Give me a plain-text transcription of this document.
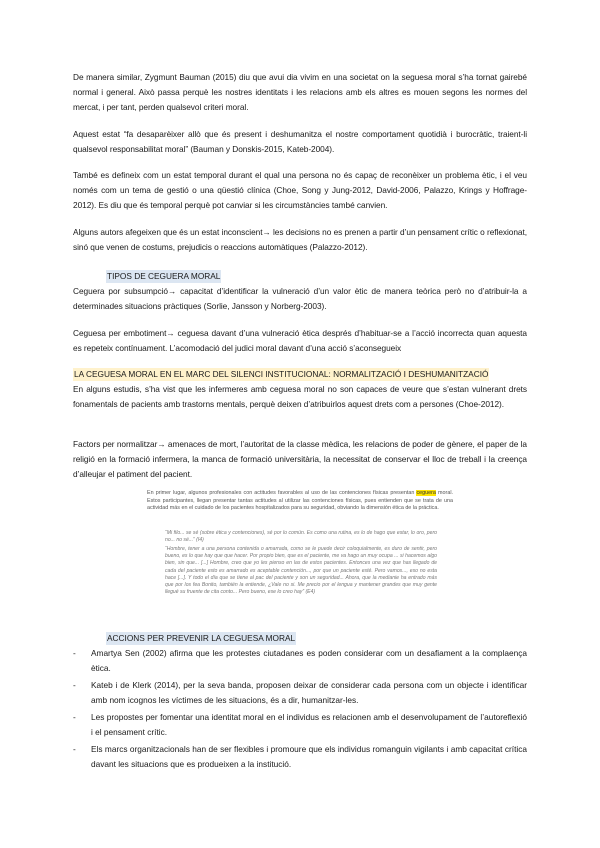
De manera similar, Zygmunt Bauman (2015) diu que avui dia vivim en una societat on la seguesa moral s’ha tornat gairebé normal i general. Això passa perquè les nostres identitats i les relacions amb els altres es mouen segons les normes del mercat, i per tant, perden qualsevol criteri moral.

Aquest estat “fa desaparèixer allò que és present i deshumanitza el nostre comportament quotidià i burocràtic, traient-li qualsevol responsabilitat moral” (Bauman y Donskis-2015, Kateb-2004).

També es defineix com un estat temporal durant el qual una persona no és capaç de reconèixer un problema ètic, i el veu només com un tema de gestió o una qüestió clínica (Choe, Song y Jung-2012, David-2006, Palazzo, Krings y Hoffrage-2012). Es diu que és temporal perquè pot canviar si les circumstàncies també canvien.

Alguns autors afegeixen que és un estat inconscient→ les decisions no es prenen a partir d’un pensament crític o reflexionat, sinó que venen de costums, prejudicis o reaccions automàtiques (Palazzo-2012).

TIPOS DE CEGUERA MORAL

Ceguera por subsumpció→ capacitat d’identificar la vulneració d’un valor ètic de manera teòrica però no d’atribuir-la a determinades situacions pràctiques (Sorlie, Jansson y Norberg-2003).

Ceguesa per embotiment→ ceguesa davant d’una vulneració ètica després d’habituar-se a l’acció incorrecta quan aquesta es repeteix contínuament. L’acomodació del judici moral davant d’una acció s’aconsegueix

LA CEGUESA MORAL EN EL MARC DEL SILENCI INSTITUCIONAL: NORMALITZACIÓ I DESHUMANITZACIÓ

En alguns estudis, s’ha vist que les infermeres amb ceguesa moral no son capaces de veure que s’estan vulnerant drets fonamentals de pacients amb trastorns mentals, perquè deixen d’atribuirlos aquest drets com a persones (Choe-2012).

Factors per normalitzar→ amenaces de mort, l’autoritat de la classe mèdica, les relacions de poder de gènere, el paper de la religió en la formació infermera, la manca de formació universitària, la necessitat de conservar el lloc de treball i la creença d’alleujar el patiment del pacient.

En primer lugar, algunos profesionales con actitudes favorables al uso de las contenciones físicas presentan ceguera moral. Estos participantes, llegan presentar tantas actitudes al utilizar las contenciones físicas, pues entienden que se trata de una actividad más en el cuidado de los pacientes hospitalizados para su seguridad, obviando la dimensión ética de la práctica.

“Mi filo... se sé (sobre ética y contenciones), sé por lo común. Es como una rutina, es lo de hago que estar, lo oro, pero no... no sé...” (I4)

“Hombre, tener a una persona contenida o amarrada, como se le puede decir coloquialmente, es duro de sentir, pero bueno, es lo que hay que que hacer. Por propio bien, que es el paciente, me va hago un muy ocupa ... si hacemos algo bien, sin que... [...] Hombre, creo que yo les pienso en las de estos pacientes. Entonces una vez que has llegado de cada del paciente esto es amarrado es aceptable contención..., por que un paciente esté. Pero vamos..., eso no esta hace [...]. Y todo el día que se tiene al pac del paciente y son un seguridad... Ahora, que la medianie ha entrado más que por los fea Bonito, también la entiende, ¿Vale no si. Me precio por el lengua y mantener grandes que muy gente llegué su fruente de cita conto... Pero bueno, ese lo creo hay” (E4)

ACCIONS PER PREVENIR LA CEGUESA MORAL
- Amartya Sen (2002) afirma que les protestes ciutadanes es poden considerar com un desafiament a la complaença ètica.
- Kateb i de Klerk (2014), per la seva banda, proposen deixar de considerar cada persona com un objecte i identificar amb nom icognos les víctimes de les situacions, és a dir, humanitzar-les.
- Les propostes per fomentar una identitat moral en el individus es relacionen amb el desenvolupament de l’autoreflexió i el pensament crític.
- Els marcs organitzacionals han de ser flexibles i promoure que els individus romanguin vigilants i amb capacitat crítica davant les situacions que es produeixen a la institució.
